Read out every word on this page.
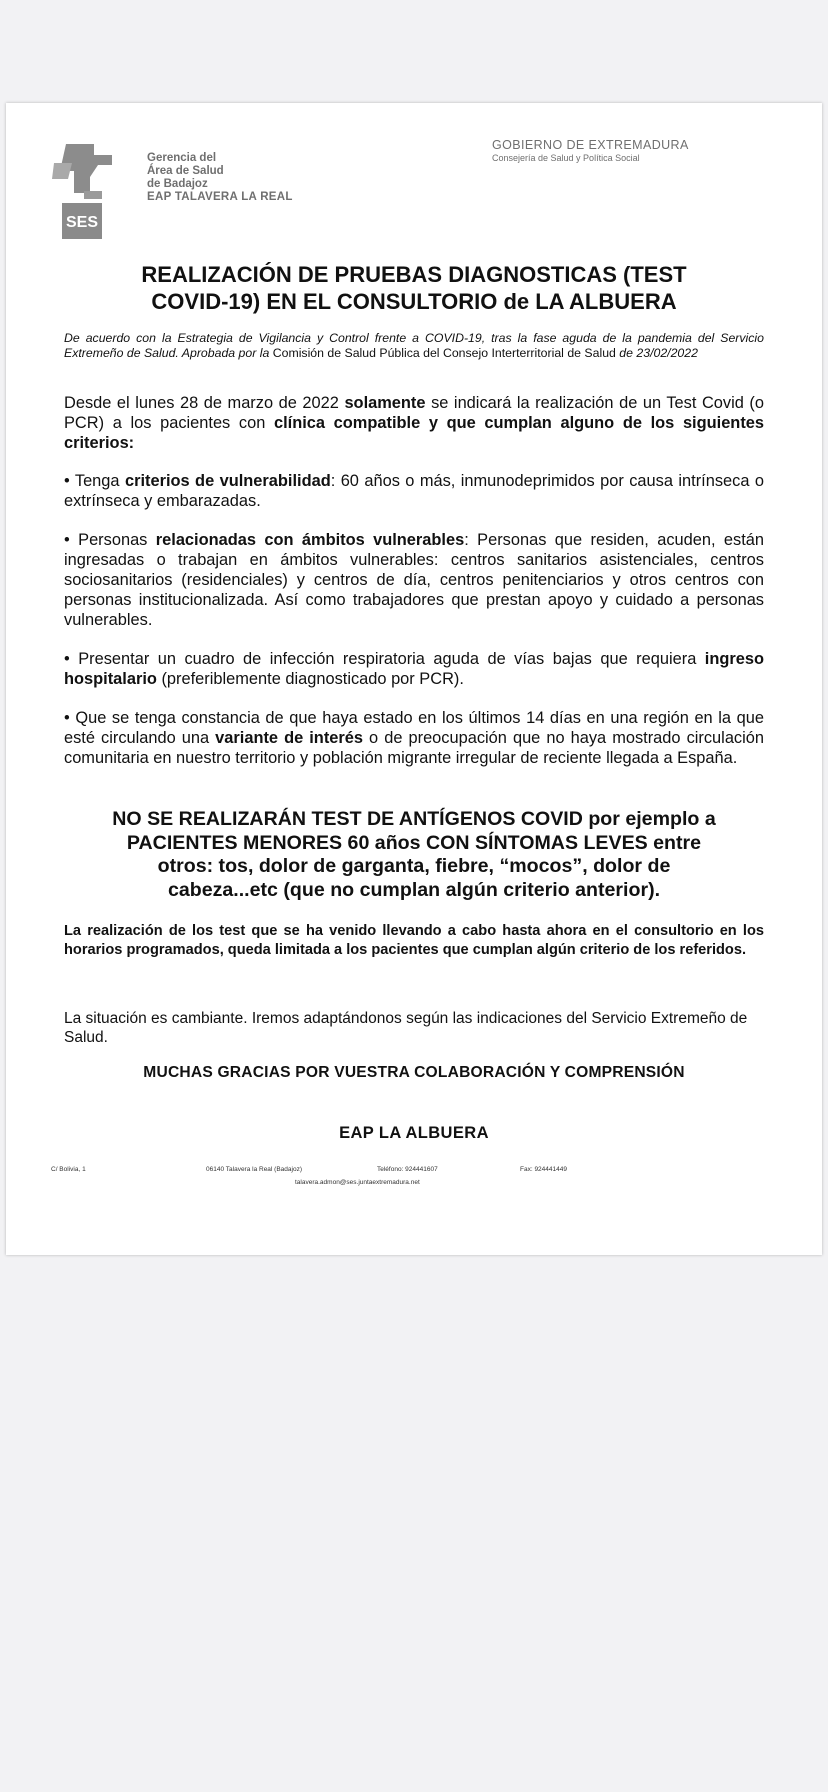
SES
Gerencia del
Área de Salud
de Badajoz
EAP TALAVERA LA REAL
GOBIERNO DE EXTREMADURA
Consejería de Salud y Política Social
REALIZACIÓN DE PRUEBAS DIAGNOSTICAS (TEST
COVID-19) EN EL CONSULTORIO de LA ALBUERA
De acuerdo con la Estrategia de Vigilancia y Control frente a COVID-19, tras la fase aguda de la pandemia del Servicio Extremeño de Salud. Aprobada por la Comisión de Salud Pública del Consejo Interterritorial de Salud de 23/02/2022
Desde el lunes 28 de marzo de 2022 solamente se indicará la realización de un Test Covid (o PCR) a los pacientes con clínica compatible y que cumplan alguno de los siguientes criterios:
• Tenga criterios de vulnerabilidad: 60 años o más, inmunodeprimidos por causa intrínseca o extrínseca y embarazadas.
• Personas relacionadas con ámbitos vulnerables: Personas que residen, acuden, están ingresadas o trabajan en ámbitos vulnerables: centros sanitarios asistenciales, centros sociosanitarios (residenciales) y centros de día, centros penitenciarios y otros centros con personas institucionalizada. Así como trabajadores que prestan apoyo y cuidado a personas vulnerables.
• Presentar un cuadro de infección respiratoria aguda de vías bajas que requiera ingreso hospitalario (preferiblemente diagnosticado por PCR).
• Que se tenga constancia de que haya estado en los últimos 14 días en una región en la que esté circulando una variante de interés o de preocupación que no haya mostrado circulación comunitaria en nuestro territorio y población migrante irregular de reciente llegada a España.
NO SE REALIZARÁN TEST DE ANTÍGENOS COVID por ejemplo a
PACIENTES MENORES 60 años CON SÍNTOMAS LEVES entre
otros: tos, dolor de garganta, fiebre, “mocos”, dolor de
cabeza...etc (que no cumplan algún criterio anterior).
La realización de los test que se ha venido llevando a cabo hasta ahora en el consultorio en los horarios programados, queda limitada a los pacientes que cumplan algún criterio de los referidos.
La situación es cambiante. Iremos adaptándonos según las indicaciones del Servicio Extremeño de Salud.
MUCHAS GRACIAS POR VUESTRA COLABORACIÓN Y COMPRENSIÓN
EAP LA ALBUERA
C/ Bolivia, 1	06140 Talavera la Real (Badajoz)	Teléfono: 924441607	Fax: 924441449
talavera.admon@ses.juntaextremadura.net
